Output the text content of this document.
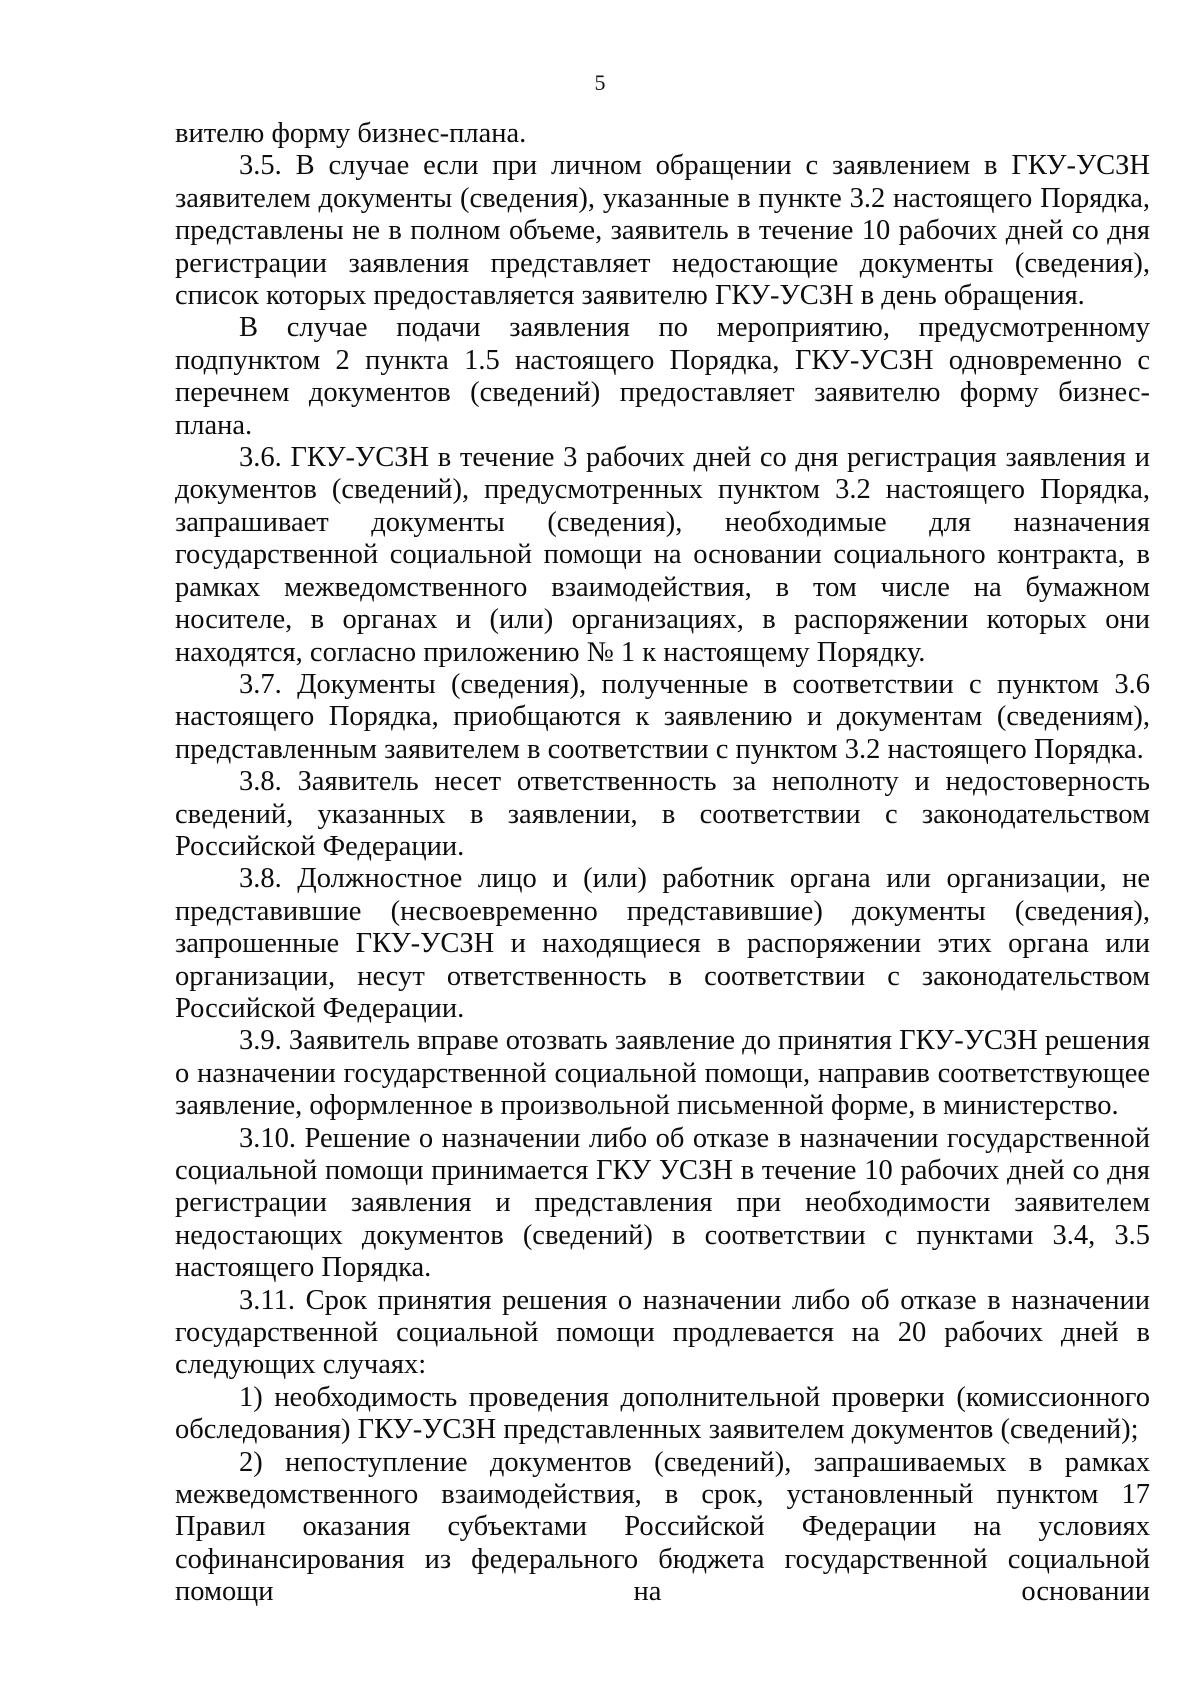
5

вителю форму бизнес-плана.

3.5. В случае если при личном обращении с заявлением в ГКУ-УСЗН заявителем документы (сведения), указанные в пункте 3.2 настоящего Порядка, представлены не в полном объеме, заявитель в течение 10 рабочих дней со дня регистрации заявления представляет недостающие документы (сведения), список которых предоставляется заявителю ГКУ-УСЗН в день обращения.

В случае подачи заявления по мероприятию, предусмотренному подпунктом 2 пункта 1.5 настоящего Порядка, ГКУ-УСЗН одновременно с перечнем документов (сведений) предоставляет заявителю форму бизнес-плана.

3.6. ГКУ-УСЗН в течение 3 рабочих дней со дня регистрация заявления и документов (сведений), предусмотренных пунктом 3.2 настоящего Порядка, запрашивает документы (сведения), необходимые для назначения государственной социальной помощи на основании социального контракта, в рамках межведомственного взаимодействия, в том числе на бумажном носителе, в органах и (или) организациях, в распоряжении которых они находятся, согласно приложению № 1 к настоящему Порядку.

3.7. Документы (сведения), полученные в соответствии с пунктом 3.6 настоящего Порядка, приобщаются к заявлению и документам (сведениям), представленным заявителем в соответствии с пунктом 3.2 настоящего Порядка.

3.8. Заявитель несет ответственность за неполноту и недостоверность сведений, указанных в заявлении, в соответствии с законодательством Российской Федерации.

3.8. Должностное лицо и (или) работник органа или организации, не представившие (несвоевременно представившие) документы (сведения), запрошенные ГКУ-УСЗН и находящиеся в распоряжении этих органа или организации, несут ответственность в соответствии с законодательством Российской Федерации.

3.9. Заявитель вправе отозвать заявление до принятия ГКУ-УСЗН решения о назначении государственной социальной помощи, направив соответствующее заявление, оформленное в произвольной письменной форме, в министерство.

3.10. Решение о назначении либо об отказе в назначении государственной социальной помощи принимается ГКУ УСЗН в течение 10 рабочих дней со дня регистрации заявления и представления при необходимости заявителем недостающих документов (сведений) в соответствии с пунктами 3.4, 3.5 настоящего Порядка.

3.11. Срок принятия решения о назначении либо об отказе в назначении государственной социальной помощи продлевается на 20 рабочих дней в следующих случаях:

1) необходимость проведения дополнительной проверки (комиссионного обследования) ГКУ-УСЗН представленных заявителем документов (сведений);

2) непоступление документов (сведений), запрашиваемых в рамках межведомственного взаимодействия, в срок, установленный пунктом 17 Правил оказания субъектами Российской Федерации на условиях софинансирования из федерального бюджета государственной социальной помощи на основании
